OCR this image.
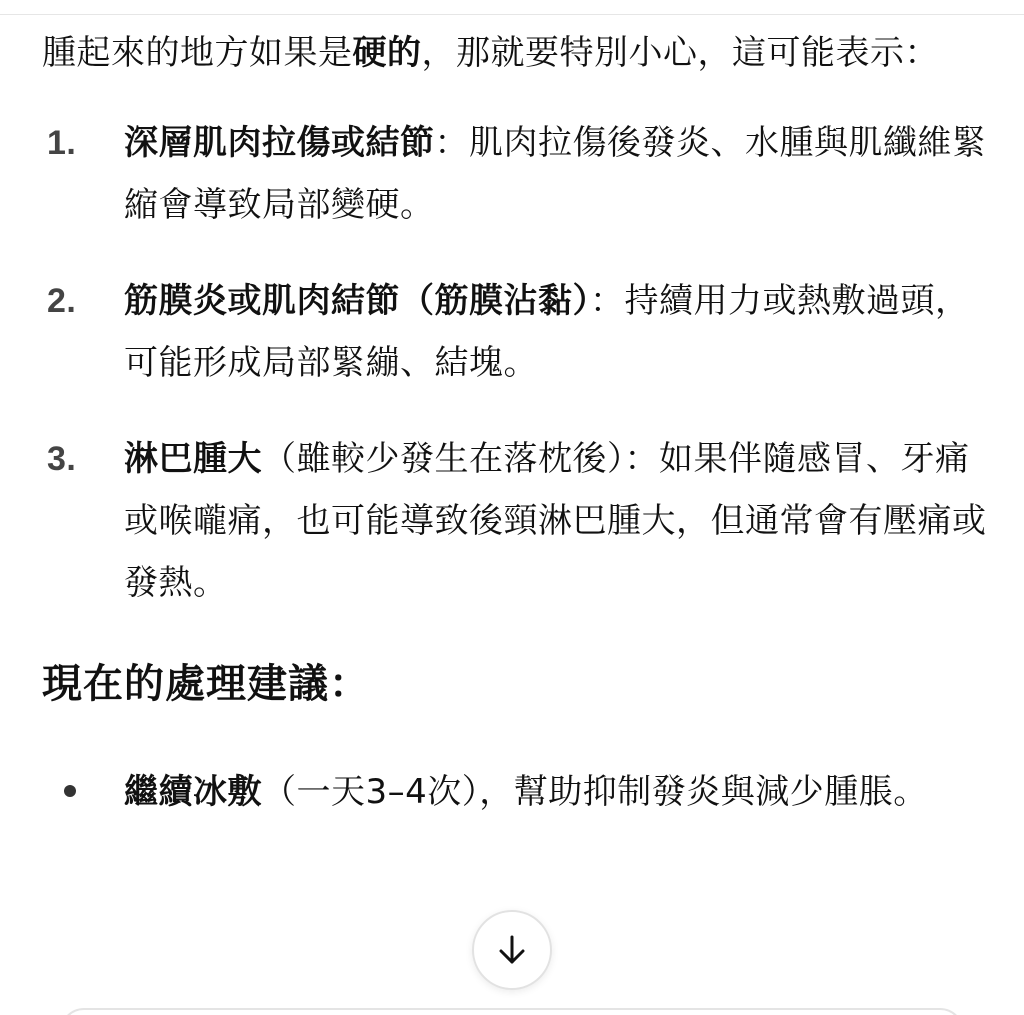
腫起來的地方如果是硬的，那就要特別小心，這可能表示：

1. 深層肌肉拉傷或結節：肌肉拉傷後發炎、水腫與肌纖維緊縮會導致局部變硬。
2. 筋膜炎或肌肉結節（筋膜沾黏）：持續用力或熱敷過頭，可能形成局部緊繃、結塊。
3. 淋巴腫大（雖較少發生在落枕後）：如果伴隨感冒、牙痛或喉嚨痛，也可能導致後頸淋巴腫大，但通常會有壓痛或發熱。
現在的處理建議：
繼續冰敷（一天3–4次），幫助抑制發炎與減少腫脹。
